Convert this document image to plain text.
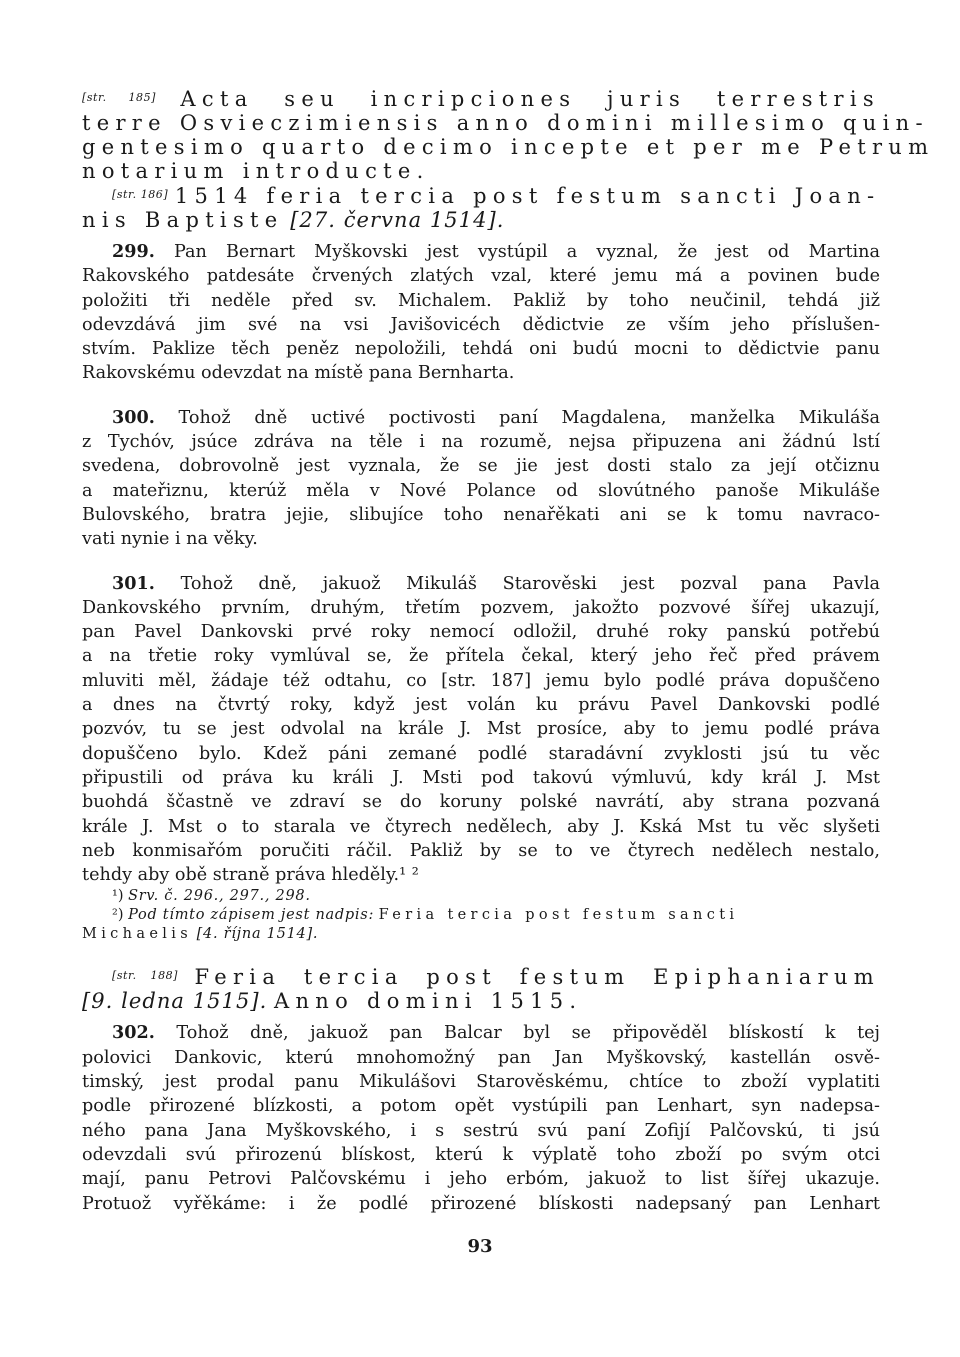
[str. 185] Acta seu incripciones juris terrestris
terre Osvieczimiensis anno domini millesimo quin-
gentesimo quarto decimo incepte et per me Petrum
notarium introducte.
[str. 186] 1514 feria tercia post festum sancti Joan-
nis Baptiste [27. června 1514].
299. Pan Bernart Myškovski jest vystúpil a vyznal, že jest od Martina
Rakovského patdesáte črvených zlatých vzal, které jemu má a povinen bude
položiti tři neděle před sv. Michalem. Pakliž by toho neučinil, tehdá již
odevzdává jim své na vsi Javišovicéch dědictvie ze vším jeho příslušen-
stvím. Paklize těch peněz nepoložili, tehdá oni budú mocni to dědictvie panu
Rakovskému odevzdat na místě pana Bernharta.
300. Tohož dně uctivé poctivosti paní Magdalena, manželka Mikuláša
z Tychóv, jsúce zdráva na těle i na rozumě, nejsa připuzena ani žádnú lstí
svedena, dobrovolně jest vyznala, že se jie jest dosti stalo za její otčiznu
a mateřiznu, kterúž měla v Nové Polance od slovútného panoše Mikuláše
Bulovského, bratra jejie, slibujíce toho nenařěkati ani se k tomu navraco-
vati nynie i na věky.
301. Tohož dně, jakuož Mikuláš Starověski jest pozval pana Pavla
Dankovského prvním, druhým, třetím pozvem, jakožto pozvové šířej ukazují,
pan Pavel Dankovski prvé roky nemocí odložil, druhé roky panskú potřebú
a na třetie roky vymlúval se, že přítela čekal, který jeho řeč před právem
mluviti měl, žádaje též odtahu, co [str. 187] jemu bylo podlé práva dopuščeno
a dnes na čtvrtý roky, když jest volán ku právu Pavel Dankovski podlé
pozvóv, tu se jest odvolal na krále J. Mst prosíce, aby to jemu podlé práva
dopuščeno bylo. Kdež páni zemané podlé staradávní zvyklosti jsú tu věc
připustili od práva ku králi J. Msti pod takovú výmluvú, kdy král J. Mst
buohdá ščastně ve zdraví se do koruny polské navrátí, aby strana pozvaná
krále J. Mst o to starala ve čtyrech nedělech, aby J. Kská Mst tu věc slyšeti
neb konmisařóm poručiti ráčil. Pakliž by se to ve čtyrech nedělech nestalo,
tehdy aby obě straně práva hleděly.¹ ²
¹) Srv. č. 296., 297., 298.
²) Pod tímto zápisem jest nadpis: Feria tercia post festum sancti
Michaelis [4. října 1514].
[str. 188] Feria tercia post festum Epiphaniarum
[9. ledna 1515]. Anno domini 1515.
302. Tohož dně, jakuož pan Balcar byl se připověděl blískostí k tej
polovici Dankovic, kterú mnohomožný pan Jan Myškovský, kastellán osvě-
timský, jest prodal panu Mikulášovi Starověskému, chtíce to zboží vyplatiti
podle přirozené blízkosti, a potom opět vystúpili pan Lenhart, syn nadepsa-
ného pana Jana Myškovského, i s sestrú svú paní Zofijí Palčovskú, ti jsú
odevzdali svú přirozenú blískost, kterú k výplatě toho zboží po svým otci
mají, panu Petrovi Palčovskému i jeho erbóm, jakuož to list šířej ukazuje.
Protuož vyřěkáme: i že podlé přirozené blískosti nadepsaný pan Lenhart
93
